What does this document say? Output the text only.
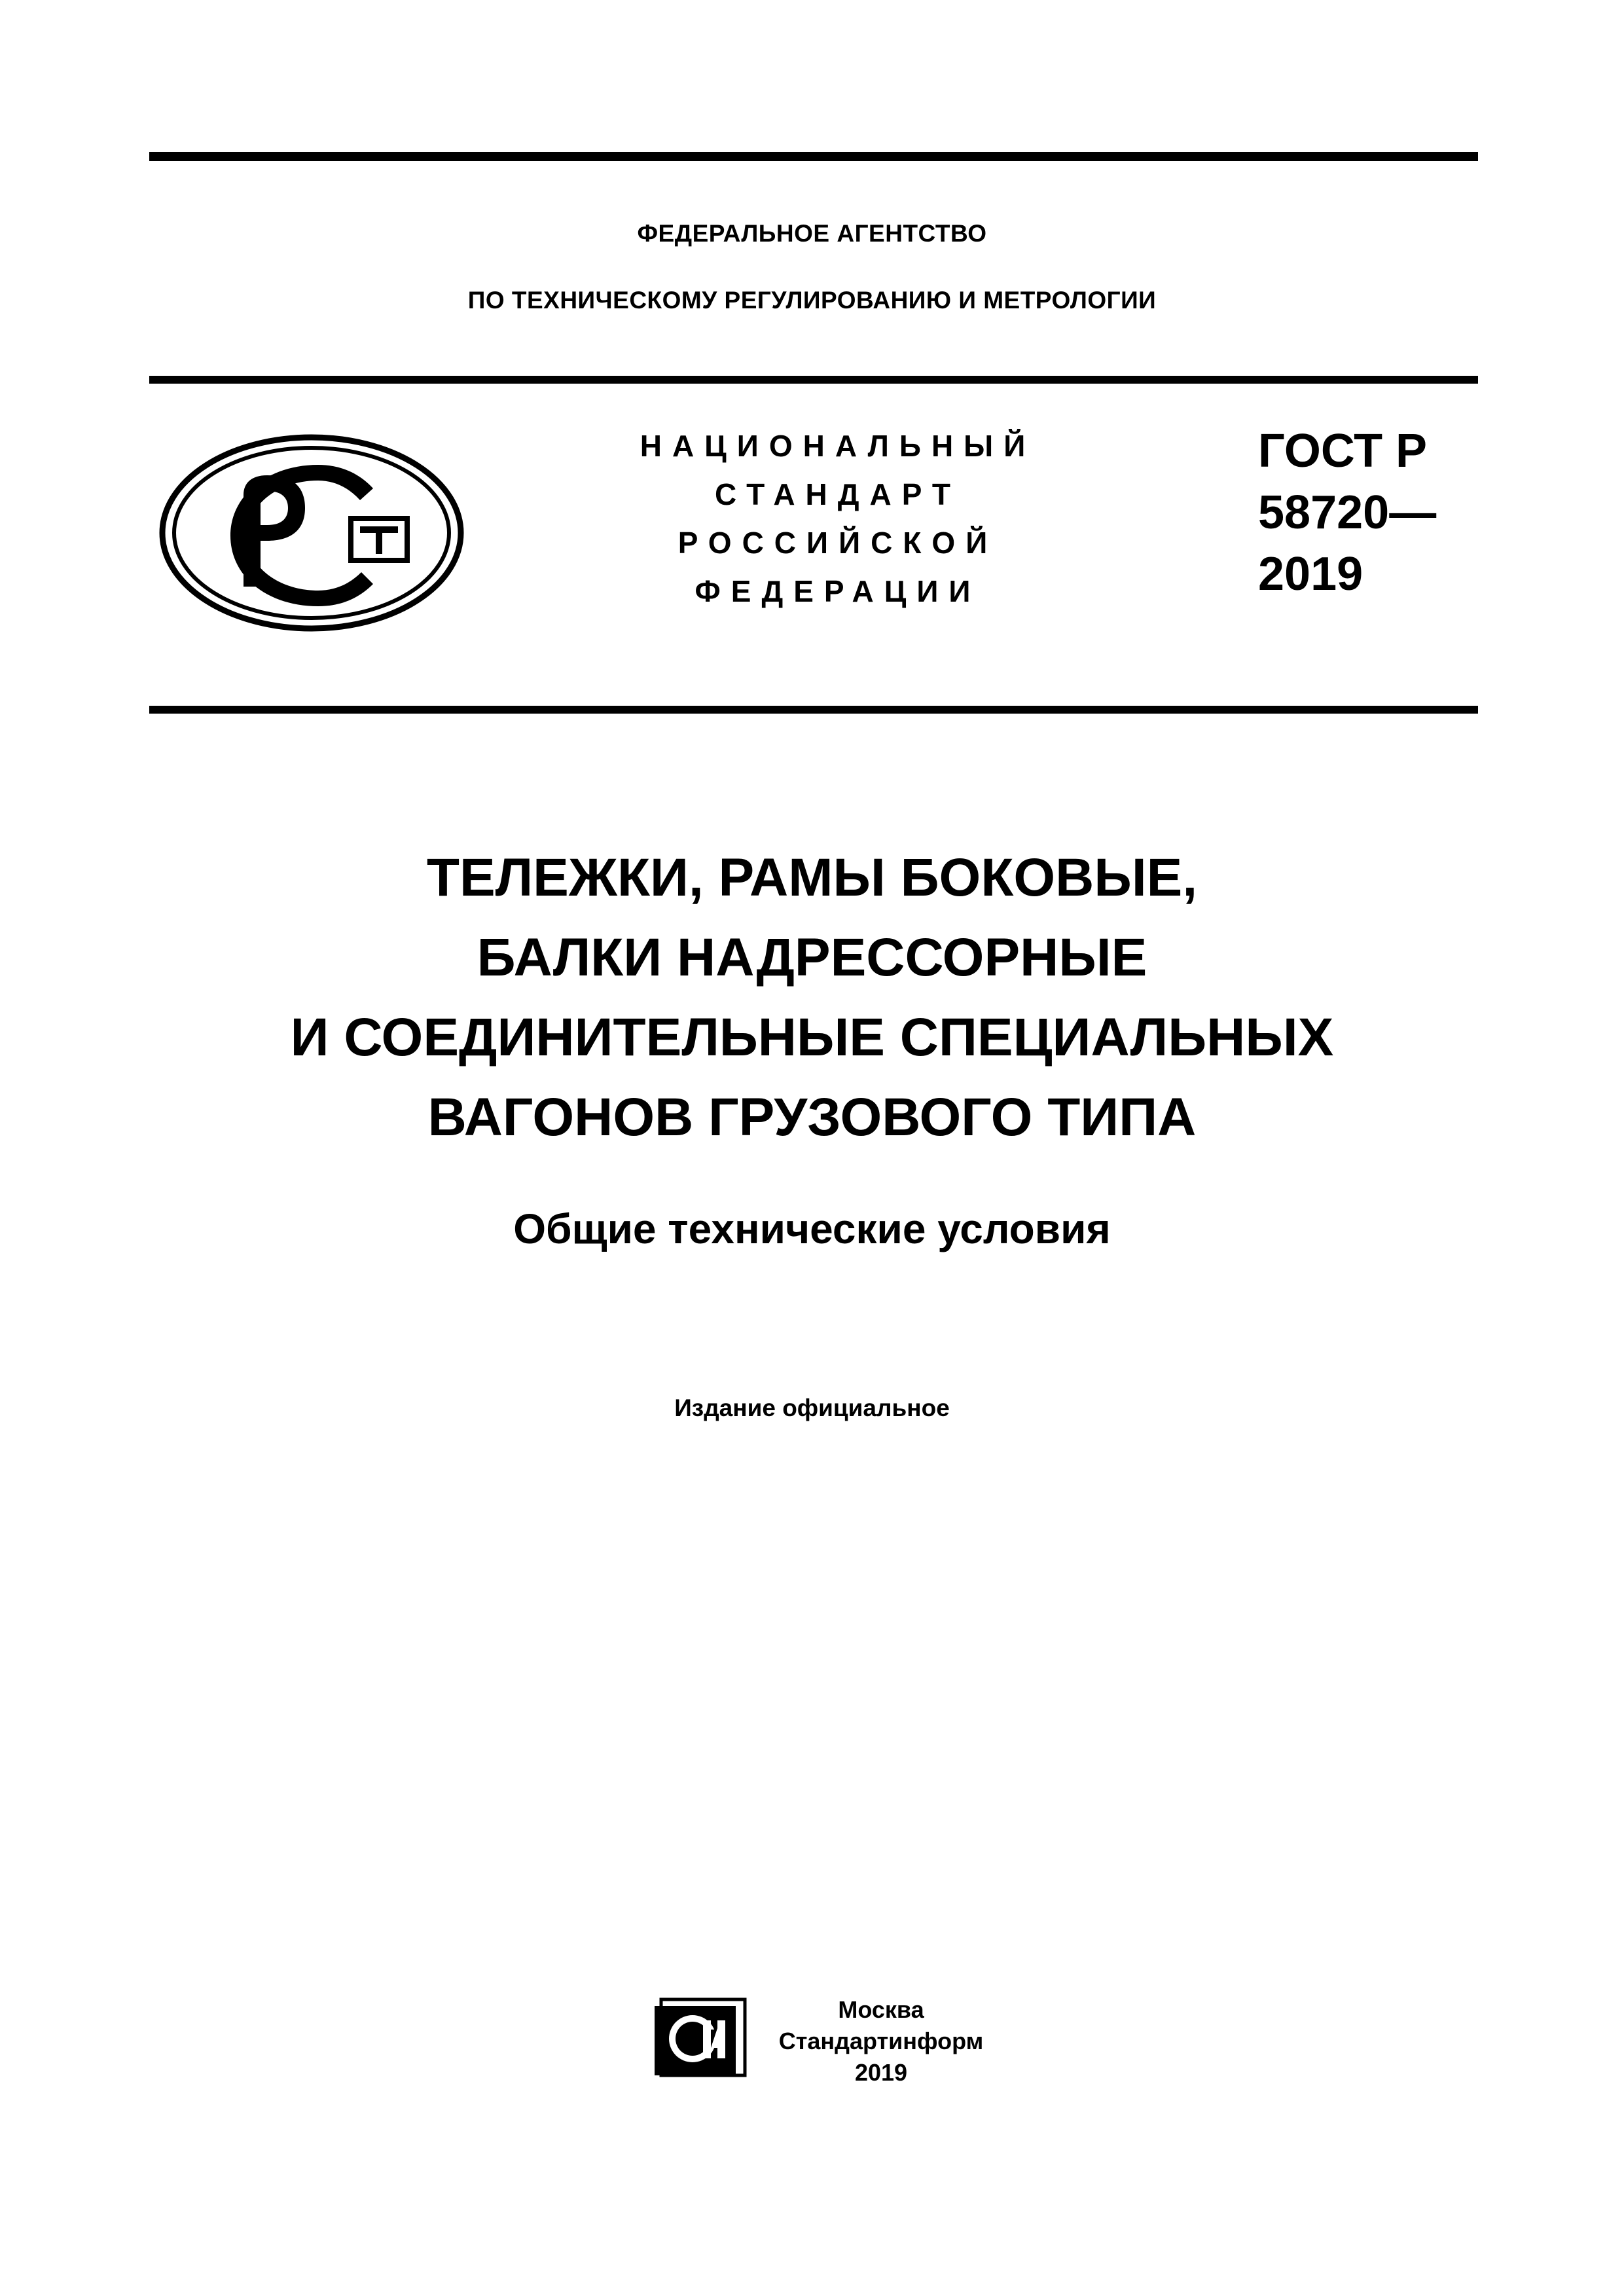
ФЕДЕРАЛЬНОЕ АГЕНТСТВО
ПО ТЕХНИЧЕСКОМУ РЕГУЛИРОВАНИЮ И МЕТРОЛОГИИ
НАЦИОНАЛЬНЫЙ
СТАНДАРТ
РОССИЙСКОЙ
ФЕДЕРАЦИИ
ГОСТ Р
58720—
2019
ТЕЛЕЖКИ, РАМЫ БОКОВЫЕ,
БАЛКИ НАДРЕССОРНЫЕ
И СОЕДИНИТЕЛЬНЫЕ СПЕЦИАЛЬНЫХ
ВАГОНОВ ГРУЗОВОГО ТИПА
Общие технические условия
Издание официальное
Москва
Стандартинформ
2019
